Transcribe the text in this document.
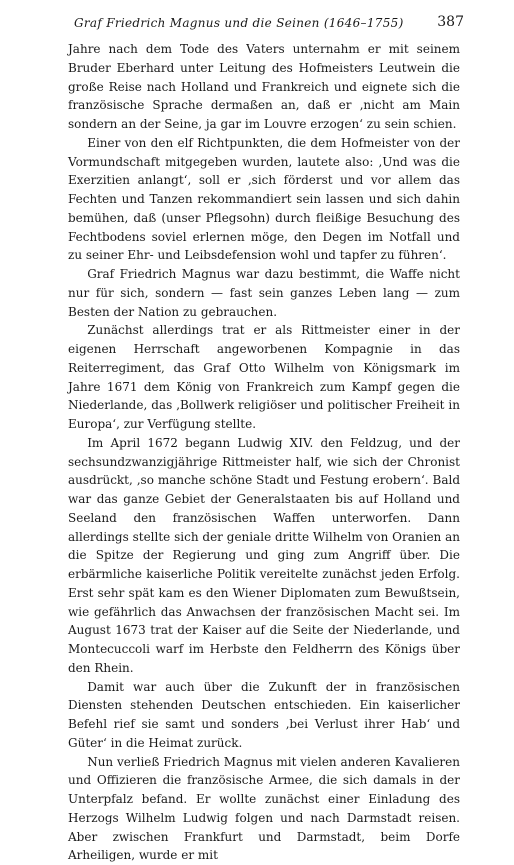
Graf Friedrich Magnus und die Seinen (1646–1755) 387

Jahre nach dem Tode des Vaters unternahm er mit seinem Bruder Eberhard unter Leitung des Hofmeisters Leutwein die große Reise nach Holland und Frankreich und eignete sich die französische Sprache dermaßen an, daß er ‚nicht am Main sondern an der Seine, ja gar im Louvre erzogen‘ zu sein schien.

Einer von den elf Richtpunkten, die dem Hofmeister von der Vormundschaft mitgegeben wurden, lautete also: ‚Und was die Exerzitien anlangt‘, soll er ‚sich förderst und vor allem das Fechten und Tanzen rekommandiert sein lassen und sich dahin bemühen, daß (unser Pflegsohn) durch fleißige Besuchung des Fechtbodens soviel erlernen möge, den Degen im Notfall und zu seiner Ehr- und Leibsdefension wohl und tapfer zu führen‘.

Graf Friedrich Magnus war dazu bestimmt, die Waffe nicht nur für sich, sondern — fast sein ganzes Leben lang — zum Besten der Nation zu gebrauchen.

Zunächst allerdings trat er als Rittmeister einer in der eigenen Herrschaft angeworbenen Kompagnie in das Reiterregiment, das Graf Otto Wilhelm von Königsmark im Jahre 1671 dem König von Frankreich zum Kampf gegen die Niederlande, das ‚Bollwerk religiöser und politischer Freiheit in Europa‘, zur Verfügung stellte.

Im April 1672 begann Ludwig XIV. den Feldzug, und der sechsundzwanzigjährige Rittmeister half, wie sich der Chronist ausdrückt, ‚so manche schöne Stadt und Festung erobern‘. Bald war das ganze Gebiet der Generalstaaten bis auf Holland und Seeland den französischen Waffen unterworfen. Dann allerdings stellte sich der geniale dritte Wilhelm von Oranien an die Spitze der Regierung und ging zum Angriff über. Die erbärmliche kaiserliche Politik vereitelte zunächst jeden Erfolg. Erst sehr spät kam es den Wiener Diplomaten zum Bewußtsein, wie gefährlich das Anwachsen der französischen Macht sei. Im August 1673 trat der Kaiser auf die Seite der Niederlande, und Montecuccoli warf im Herbste den Feldherrn des Königs über den Rhein.

Damit war auch über die Zukunft der in französischen Diensten stehenden Deutschen entschieden. Ein kaiserlicher Befehl rief sie samt und sonders ‚bei Verlust ihrer Hab‘ und Güter‘ in die Heimat zurück.

Nun verließ Friedrich Magnus mit vielen anderen Kavalieren und Offizieren die französische Armee, die sich damals in der Unterpfalz befand. Er wollte zunächst einer Einladung des Herzogs Wilhelm Ludwig folgen und nach Darmstadt reisen. Aber zwischen Frankfurt und Darmstadt, beim Dorfe Arheiligen, wurde er mit
